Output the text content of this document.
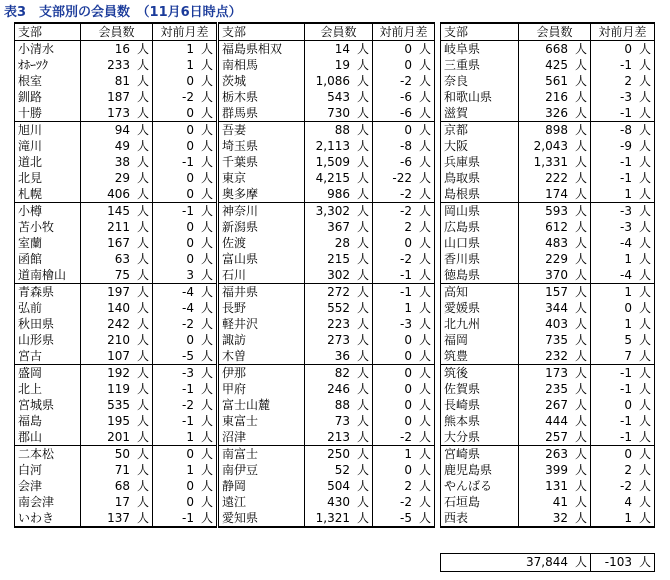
表3　支部別の会員数　（11月6日時点）
支部	会員数	対前月差
小清水	16 人	1 人
ｵﾎｰﾂｸ	233 人	1 人
根室	81 人	0 人
釧路	187 人	-2 人
十勝	173 人	0 人
旭川	94 人	0 人
滝川	49 人	0 人
道北	38 人	-1 人
北見	29 人	0 人
札幌	406 人	0 人
小樽	145 人	-1 人
苫小牧	211 人	0 人
室蘭	167 人	0 人
函館	63 人	0 人
道南檜山	75 人	3 人
青森県	197 人	-4 人
弘前	140 人	-4 人
秋田県	242 人	-2 人
山形県	210 人	0 人
宮古	107 人	-5 人
盛岡	192 人	-3 人
北上	119 人	-1 人
宮城県	535 人	-2 人
福島	195 人	-1 人
郡山	201 人	1 人
二本松	50 人	0 人
白河	71 人	1 人
会津	68 人	0 人
南会津	17 人	0 人
いわき	137 人	-1 人
支部	会員数	対前月差
福島県相双	14 人	0 人
南相馬	19 人	0 人
茨城	1,086 人	-2 人
栃木県	543 人	-6 人
群馬県	730 人	-6 人
吾妻	88 人	0 人
埼玉県	2,113 人	-8 人
千葉県	1,509 人	-6 人
東京	4,215 人	-22 人
奥多摩	986 人	-2 人
神奈川	3,302 人	-2 人
新潟県	367 人	2 人
佐渡	28 人	0 人
富山県	215 人	-2 人
石川	302 人	-1 人
福井県	272 人	-1 人
長野	552 人	1 人
軽井沢	223 人	-3 人
諏訪	273 人	0 人
木曽	36 人	0 人
伊那	82 人	0 人
甲府	246 人	0 人
富士山麓	88 人	0 人
東富士	73 人	0 人
沼津	213 人	-2 人
南富士	250 人	1 人
南伊豆	52 人	0 人
静岡	504 人	2 人
遠江	430 人	-2 人
愛知県	1,321 人	-5 人
支部	会員数	対前月差
岐阜県	668 人	0 人
三重県	425 人	-1 人
奈良	561 人	2 人
和歌山県	216 人	-3 人
滋賀	326 人	-1 人
京都	898 人	-8 人
大阪	2,043 人	-9 人
兵庫県	1,331 人	-1 人
鳥取県	222 人	-1 人
島根県	174 人	1 人
岡山県	593 人	-3 人
広島県	612 人	-3 人
山口県	483 人	-4 人
香川県	229 人	1 人
徳島県	370 人	-4 人
高知	157 人	1 人
愛媛県	344 人	0 人
北九州	403 人	1 人
福岡	735 人	5 人
筑豊	232 人	7 人
筑後	173 人	-1 人
佐賀県	235 人	-1 人
長崎県	267 人	0 人
熊本県	444 人	-1 人
大分県	257 人	-1 人
宮崎県	263 人	0 人
鹿児島県	399 人	2 人
やんばる	131 人	-2 人
石垣島	41 人	4 人
西表	32 人	1 人
37,844 人	-103 人
